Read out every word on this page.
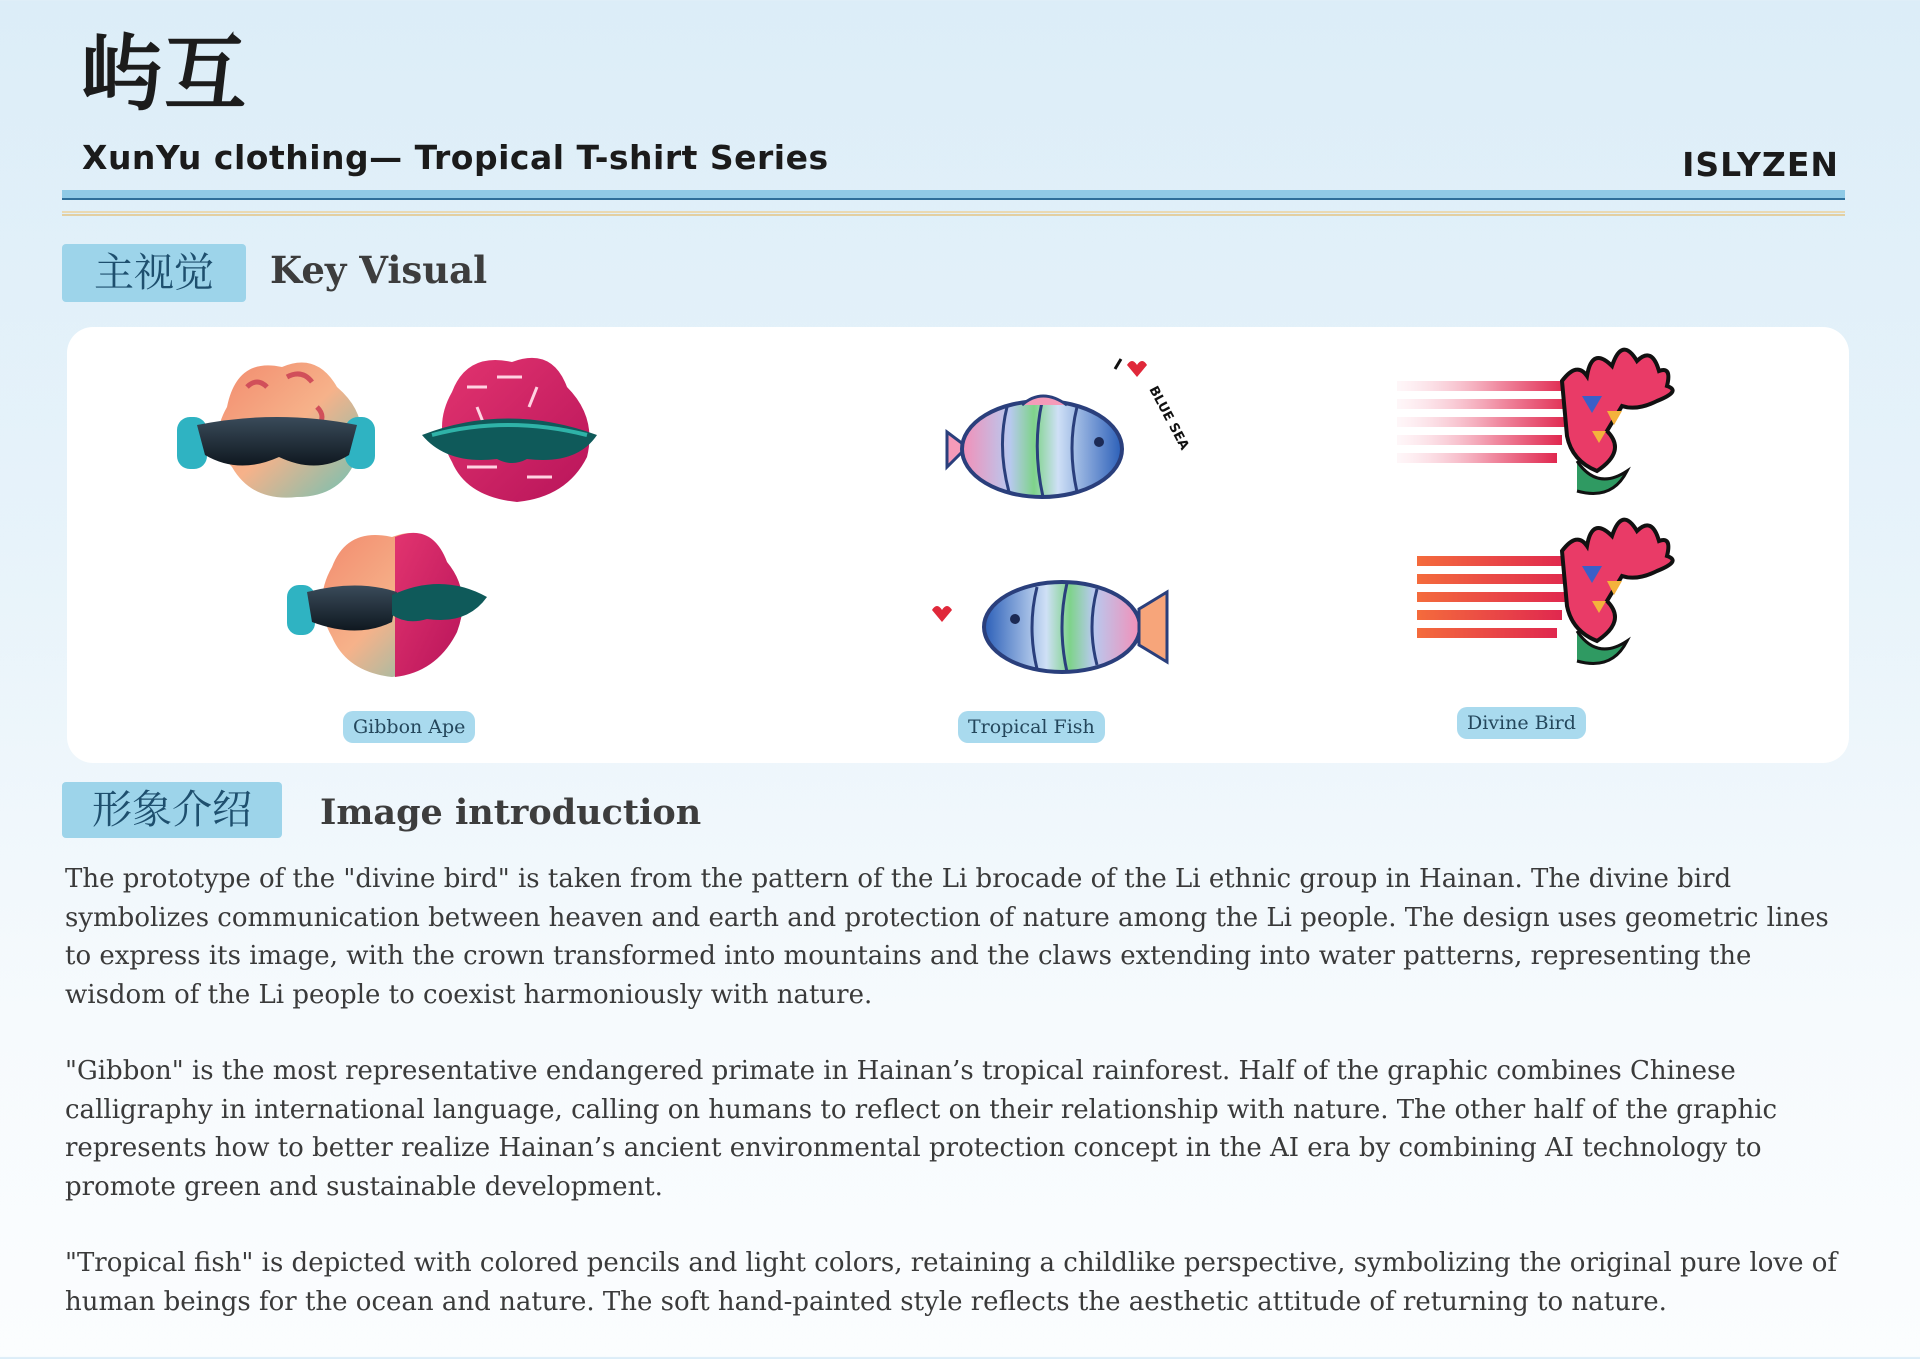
屿互
XunYu clothing— Tropical T-shirt Series	ISLYZEN
主视觉	Key Visual
BLUE SEA
Gibbon Ape	Tropical Fish	Divine Bird
形象介绍	Image introduction

The prototype of the "divine bird" is taken from the pattern of the Li brocade of the Li ethnic group in Hainan. The divine bird symbolizes communication between heaven and earth and protection of nature among the Li people. The design uses geometric lines to express its image, with the crown transformed into mountains and the claws extending into water patterns, representing the wisdom of the Li people to coexist harmoniously with nature.

"Gibbon" is the most representative endangered primate in Hainan’s tropical rainforest. Half of the graphic combines Chinese calligraphy in international language, calling on humans to reflect on their relationship with nature. The other half of the graphic represents how to better realize Hainan’s ancient environmental protection concept in the AI era by combining AI technology to promote green and sustainable development.

"Tropical fish" is depicted with colored pencils and light colors, retaining a childlike perspective, symbolizing the original pure love of human beings for the ocean and nature. The soft hand-painted style reflects the aesthetic attitude of returning to nature.
